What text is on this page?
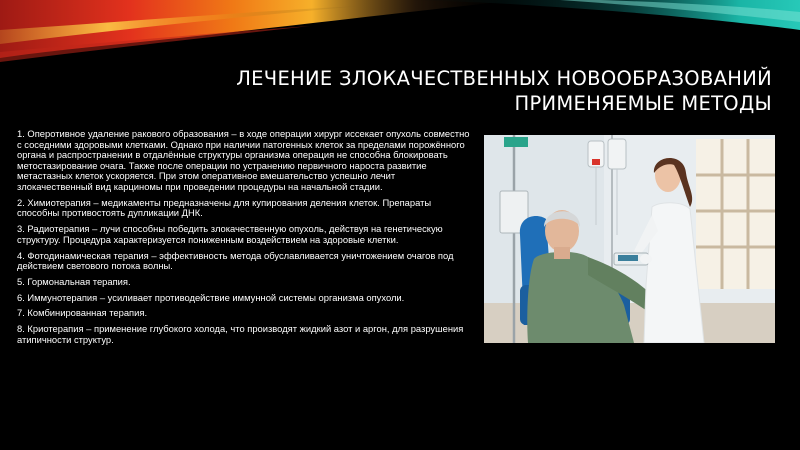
ЛЕЧЕНИЕ ЗЛОКАЧЕСТВЕННЫХ НОВООБРАЗОВАНИЙ
ПРИМЕНЯЕМЫЕ МЕТОДЫ

1. Оперотивное удаление ракового образования – в ходе операции хирург иссекает опухоль совместно с соседними здоровыми клетками. Однако при наличии патогенных клеток за пределами порожённого органа и распространении в отдалённые структуры организма операция не способна блокировать метостазирование очага. Также после операции по устранению первичного нароста развитие метастазных клеток ускоряется. При этом оперативное вмешательство успешно лечит злокачественный вид карциномы при проведении процедуры на начальной стадии.

2. Химиотерапия – медикаменты предназначены для купирования деления клеток. Препараты способны противостоять дупликации ДНК.

3. Радиотерапия – лучи способны победить злокачественную опухоль, действуя на генетическую структуру. Процедура характеризуется пониженным воздействием на здоровые клетки.

4. Фотодинамическая терапия – эффективность метода обуславливается уничтожением очагов под действием светового потока волны.

5. Гормональная терапия.

6. Иммунотерапия – усиливает противодействие иммунной системы организма опухоли.

7. Комбинированная терапия.

8. Криотерапия – применение глубокого холода, что производят жидкий азот и аргон, для разрушения атипичности структур.
